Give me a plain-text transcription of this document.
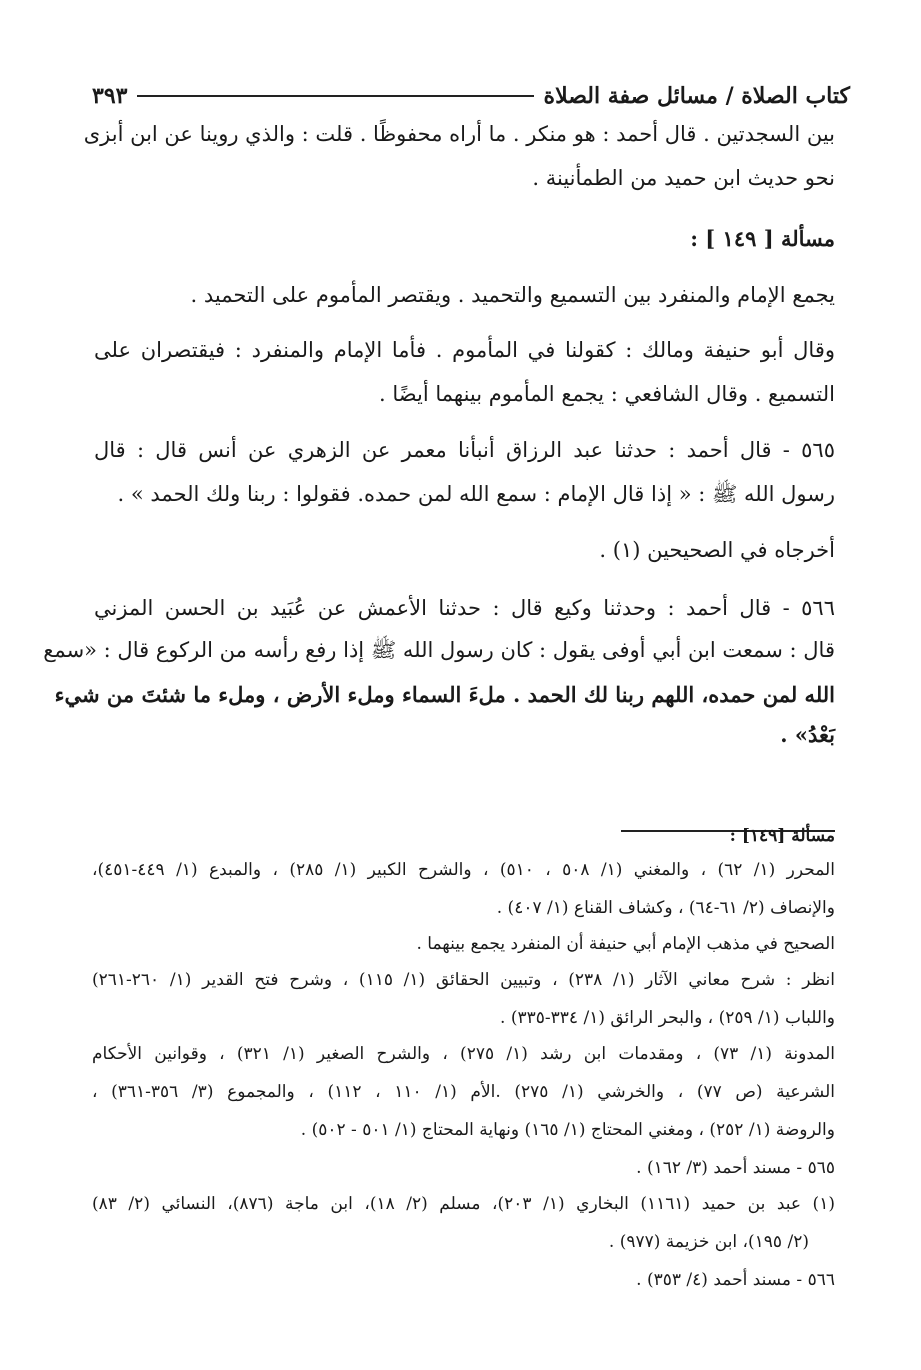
كتاب الصلاة / مسائل صفة الصلاة
٣٩٣
بين السجدتين . قال أحمد : هو منكر . ما أراه محفوظًا . قلت : والذي روينا عن ابن أبزى
نحو حديث ابن حميد من الطمأنينة .
مسألة [ ١٤٩ ] :
يجمع الإمام والمنفرد بين التسميع والتحميد . ويقتصر المأموم على التحميد .
وقال أبو حنيفة ومالك : كقولنا في المأموم . فأما الإمام والمنفرد : فيقتصران على
التسميع . وقال الشافعي : يجمع المأموم بينهما أيضًا .
٥٦٥ - قال أحمد : حدثنا عبد الرزاق أنبأنا معمر عن الزهري عن أنس قال : قال
رسول الله ﷺ : « إذا قال الإمام : سمع الله لمن حمده. فقولوا : ربنا ولك الحمد » .
أخرجاه في الصحيحين (١) .
٥٦٦ - قال أحمد : وحدثنا وكيع قال : حدثنا الأعمش عن عُبَيد بن الحسن المزني
قال : سمعت ابن أبي أوفى يقول : كان رسول الله ﷺ إذا رفع رأسه من الركوع قال : «سمع
الله لمن حمده، اللهم ربنا لك الحمد . ملءَ السماء وملء الأرض ، وملء ما شئتَ من شيء
بَعْدُ» .
مسألة [١٤٩] :
المحرر (١/ ٦٢) ، والمغني (١/ ٥٠٨ ، ٥١٠) ، والشرح الكبير (١/ ٢٨٥) ، والمبدع (١/ ٤٤٩-٤٥١)،
والإنصاف (٢/ ٦١-٦٤) ، وكشاف القناع (١/ ٤٠٧) .
الصحيح في مذهب الإمام أبي حنيفة أن المنفرد يجمع بينهما .
انظر : شرح معاني الآثار (١/ ٢٣٨) ، وتبيين الحقائق (١/ ١١٥) ، وشرح فتح القدير (١/ ٢٦٠-٢٦١)
واللباب (١/ ٢٥٩) ، والبحر الرائق (١/ ٣٣٤-٣٣٥) .
المدونة (١/ ٧٣) ، ومقدمات ابن رشد (١/ ٢٧٥) ، والشرح الصغير (١/ ٣٢١) ، وقوانين الأحكام
الشرعية (ص ٧٧) ، والخرشي (١/ ٢٧٥) .الأم (١/ ١١٠ ، ١١٢) ، والمجموع (٣/ ٣٥٦-٣٦١) ،
والروضة (١/ ٢٥٢) ، ومغني المحتاج (١/ ١٦٥) ونهاية المحتاج (١/ ٥٠١ - ٥٠٢) .
٥٦٥ - مسند أحمد (٣/ ١٦٢) .
(١) عبد بن حميد (١١٦١) البخاري (١/ ٢٠٣)، مسلم (٢/ ١٨)، ابن ماجة (٨٧٦)، النسائي (٢/ ٨٣)
(٢/ ١٩٥)، ابن خزيمة (٩٧٧) .
٥٦٦ - مسند أحمد (٤/ ٣٥٣) .
